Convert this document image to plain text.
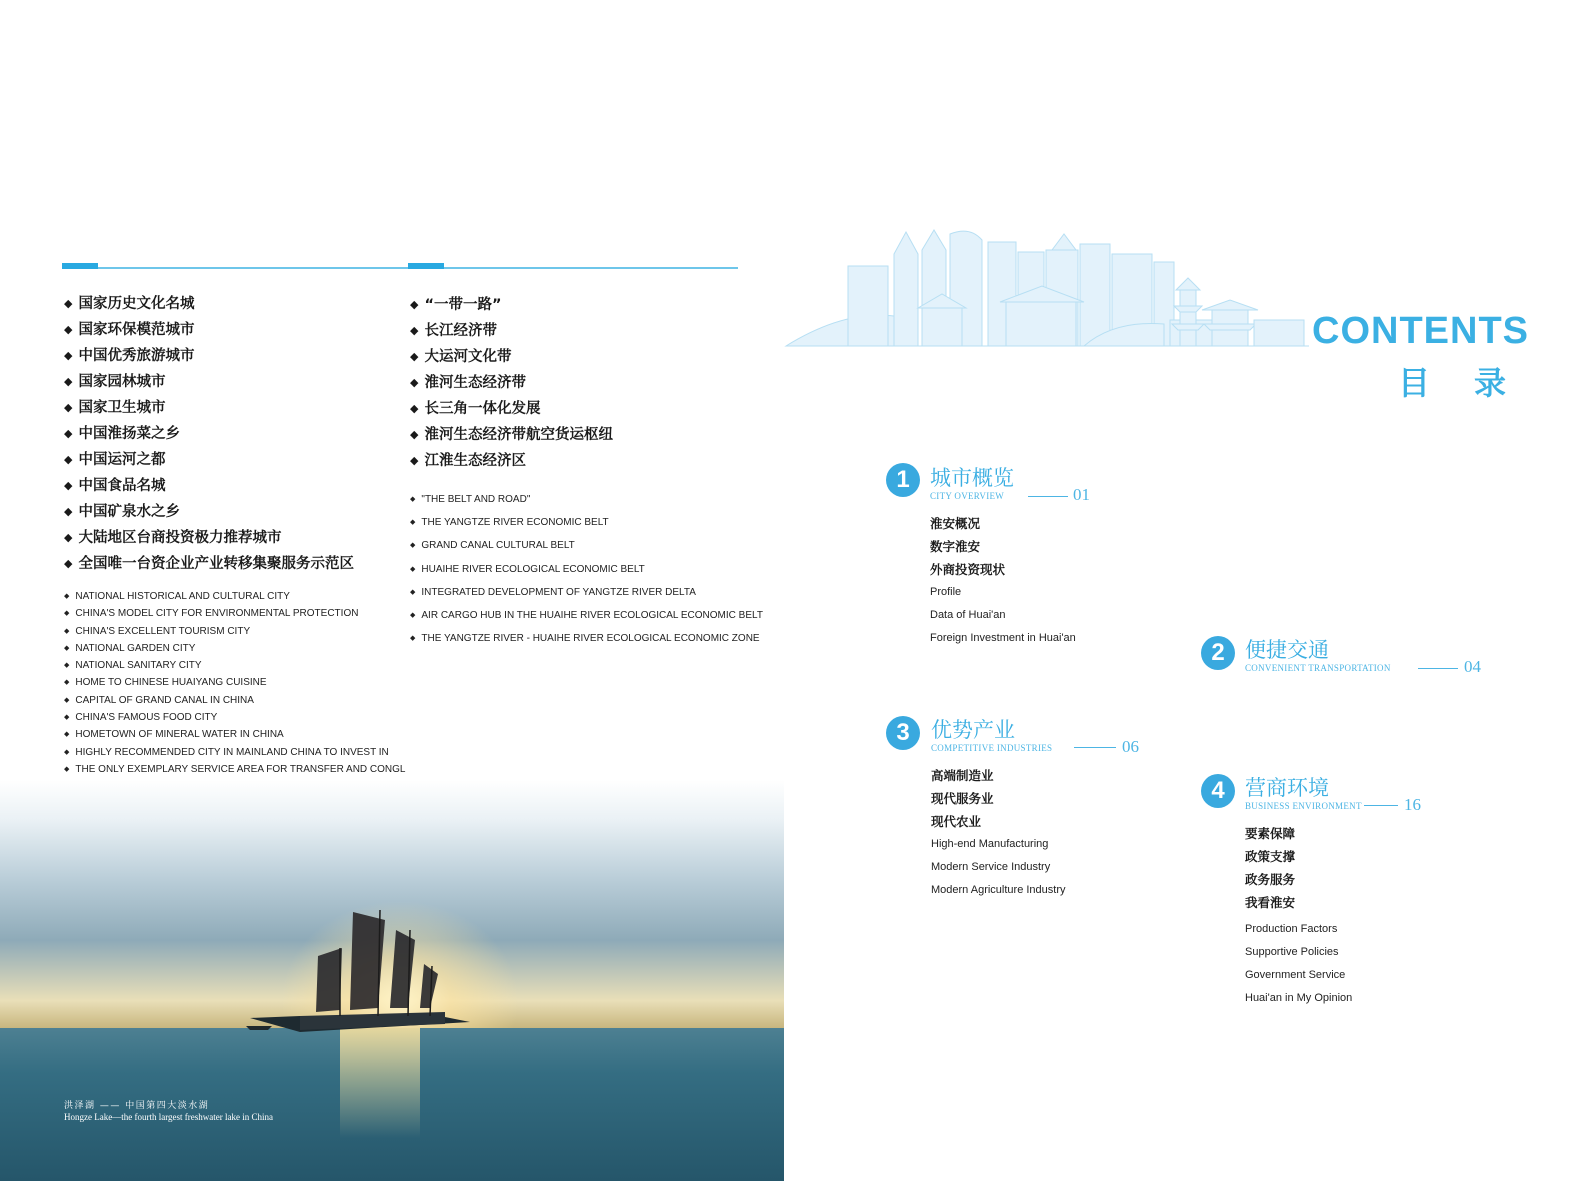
◆ 国家历史文化名城
◆ 国家环保模范城市
◆ 中国优秀旅游城市
◆ 国家园林城市
◆ 国家卫生城市
◆ 中国淮扬菜之乡
◆ 中国运河之都
◆ 中国食品名城
◆ 中国矿泉水之乡
◆ 大陆地区台商投资极力推荐城市
◆ 全国唯一台资企业产业转移集聚服务示范区
◆ NATIONAL HISTORICAL AND CULTURAL CITY
◆ CHINA'S MODEL CITY FOR ENVIRONMENTAL PROTECTION
◆ CHINA'S EXCELLENT TOURISM CITY
◆ NATIONAL GARDEN CITY
◆ NATIONAL SANITARY CITY
◆ HOME TO CHINESE HUAIYANG CUISINE
◆ CAPITAL OF GRAND CANAL IN CHINA
◆ CHINA'S FAMOUS FOOD CITY
◆ HOMETOWN OF MINERAL WATER IN CHINA
◆ HIGHLY RECOMMENDED CITY IN MAINLAND CHINA TO INVEST IN
◆ THE ONLY EXEMPLARY SERVICE AREA FOR TRANSFER AND CONGL
◆ “一带一路”
◆ 长江经济带
◆ 大运河文化带
◆ 淮河生态经济带
◆ 长三角一体化发展
◆ 淮河生态经济带航空货运枢纽
◆ 江淮生态经济区
◆ "THE BELT AND ROAD"
◆ THE YANGTZE RIVER ECONOMIC BELT
◆ GRAND CANAL CULTURAL BELT
◆ HUAIHE RIVER ECOLOGICAL ECONOMIC BELT
◆ INTEGRATED DEVELOPMENT OF YANGTZE RIVER DELTA
◆ AIR CARGO HUB IN THE HUAIHE RIVER ECOLOGICAL ECONOMIC BELT
◆ THE YANGTZE RIVER - HUAIHE RIVER ECOLOGICAL ECONOMIC ZONE
洪泽湖 —— 中国第四大淡水湖
Hongze Lake—the fourth largest freshwater lake in China
CONTENTS
目录
1 城市概览
CITY OVERVIEW	01
淮安概况
数字淮安
外商投资现状
Profile
Data of Huai'an
Foreign Investment in Huai'an
2 便捷交通
CONVENIENT TRANSPORTATION	04
3	优势产业
COMPETITIVE INDUSTRIES	06
高端制造业
现代服务业
现代农业
High-end Manufacturing
Modern Service Industry
Modern Agriculture Industry
4 营商环境
BUSINESS ENVIRONMENT 16
要素保障
政策支撑
政务服务
我看淮安
Production Factors
Supportive Policies
Government Service
Huai'an in My Opinion
